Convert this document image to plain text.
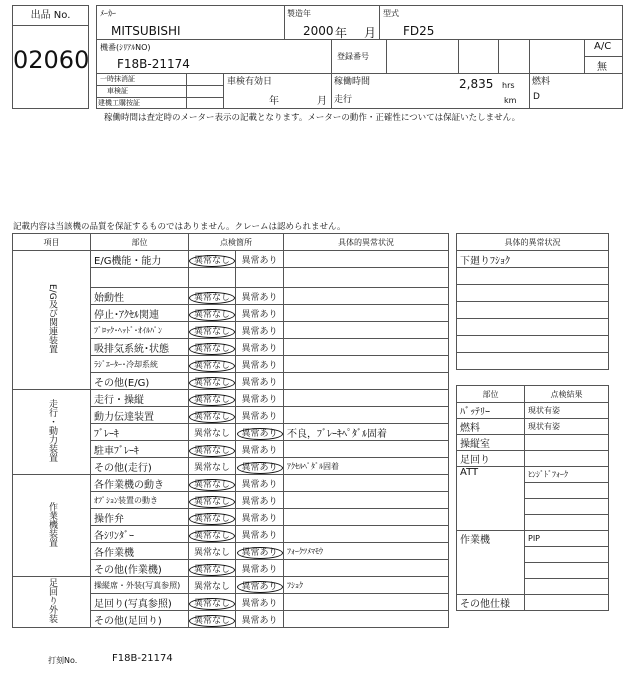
出品 No.
02060
ﾒｰｶｰ
MITSUBISHI
製造年
2000 年 月
型式
FD25
機番(ｼﾘｱﾙNO)
F18B-21174
登録番号
A/C
無
一時抹消証
車検証
建機工購按証
車検有効日
年	月
稼働時間	2,835 hrs
走行	km
燃料
D
稼働時間は査定時のメーター表示の記載となります。メーターの動作・正確性については保証いたしません。
記載内容は当該機の品質を保証するものではありません。クレームは認められません。
項目	部位	点検箇所		具体的異常状況
E/G及び関連装置	E/G機能・能力	異常なし	異常あり	

	始動性	異常なし	異常あり	
	停止･ｱｸｾﾙ関連	異常なし	異常あり	
	ﾌﾞﾛｯｸ･ﾍｯﾄﾞ･ｵｲﾙﾊﾟﾝ	異常なし	異常あり	
	吸排気系統･状態	異常なし	異常あり	
	ﾗｼﾞｴｰﾀｰ･冷却系統	異常なし	異常あり	
	その他(E/G)	異常なし	異常あり	
走行・動力装置	走行・操縦	異常なし	異常あり	
	動力伝達装置	異常なし	異常あり	
	ﾌﾞﾚｰｷ	異常なし	異常あり	不良，ﾌﾞﾚｰｷﾍﾟﾀﾞﾙ固着
	駐車ﾌﾞﾚｰｷ	異常なし	異常あり	
	その他(走行)	異常なし	異常あり	ｱｸｾﾙﾍﾟﾀﾞﾙ固着
作業機装置	各作業機の動き	異常なし	異常あり	
	ｵﾌﾟｼｮﾝ装置の動き	異常なし	異常あり	
	操作弁	異常なし	異常あり	
	各ｼﾘﾝﾀﾞｰ	異常なし	異常あり	
	各作業機	異常なし	異常あり	ﾌｫｰｸﾂﾒﾏﾓｳ
	その他(作業機)	異常なし	異常あり	
足回り外装	操縦席・外装(写真参照)	異常なし	異常あり	ﾌｼｮｸ
	足回り(写真参照)	異常なし	異常あり	
	その他(足回り)	異常なし	異常あり	
具体的異常状況
下廻りﾌｼｮｸ

部位	点検結果
ﾊﾞｯﾃﾘｰ	現状有姿
燃料	現状有姿
操縦室	
足回り	
ATT	ﾋﾝｼﾞﾄﾞﾌｫｰｸ

作業機	PIP

その他仕様	
打刻No.	F18B-21174
